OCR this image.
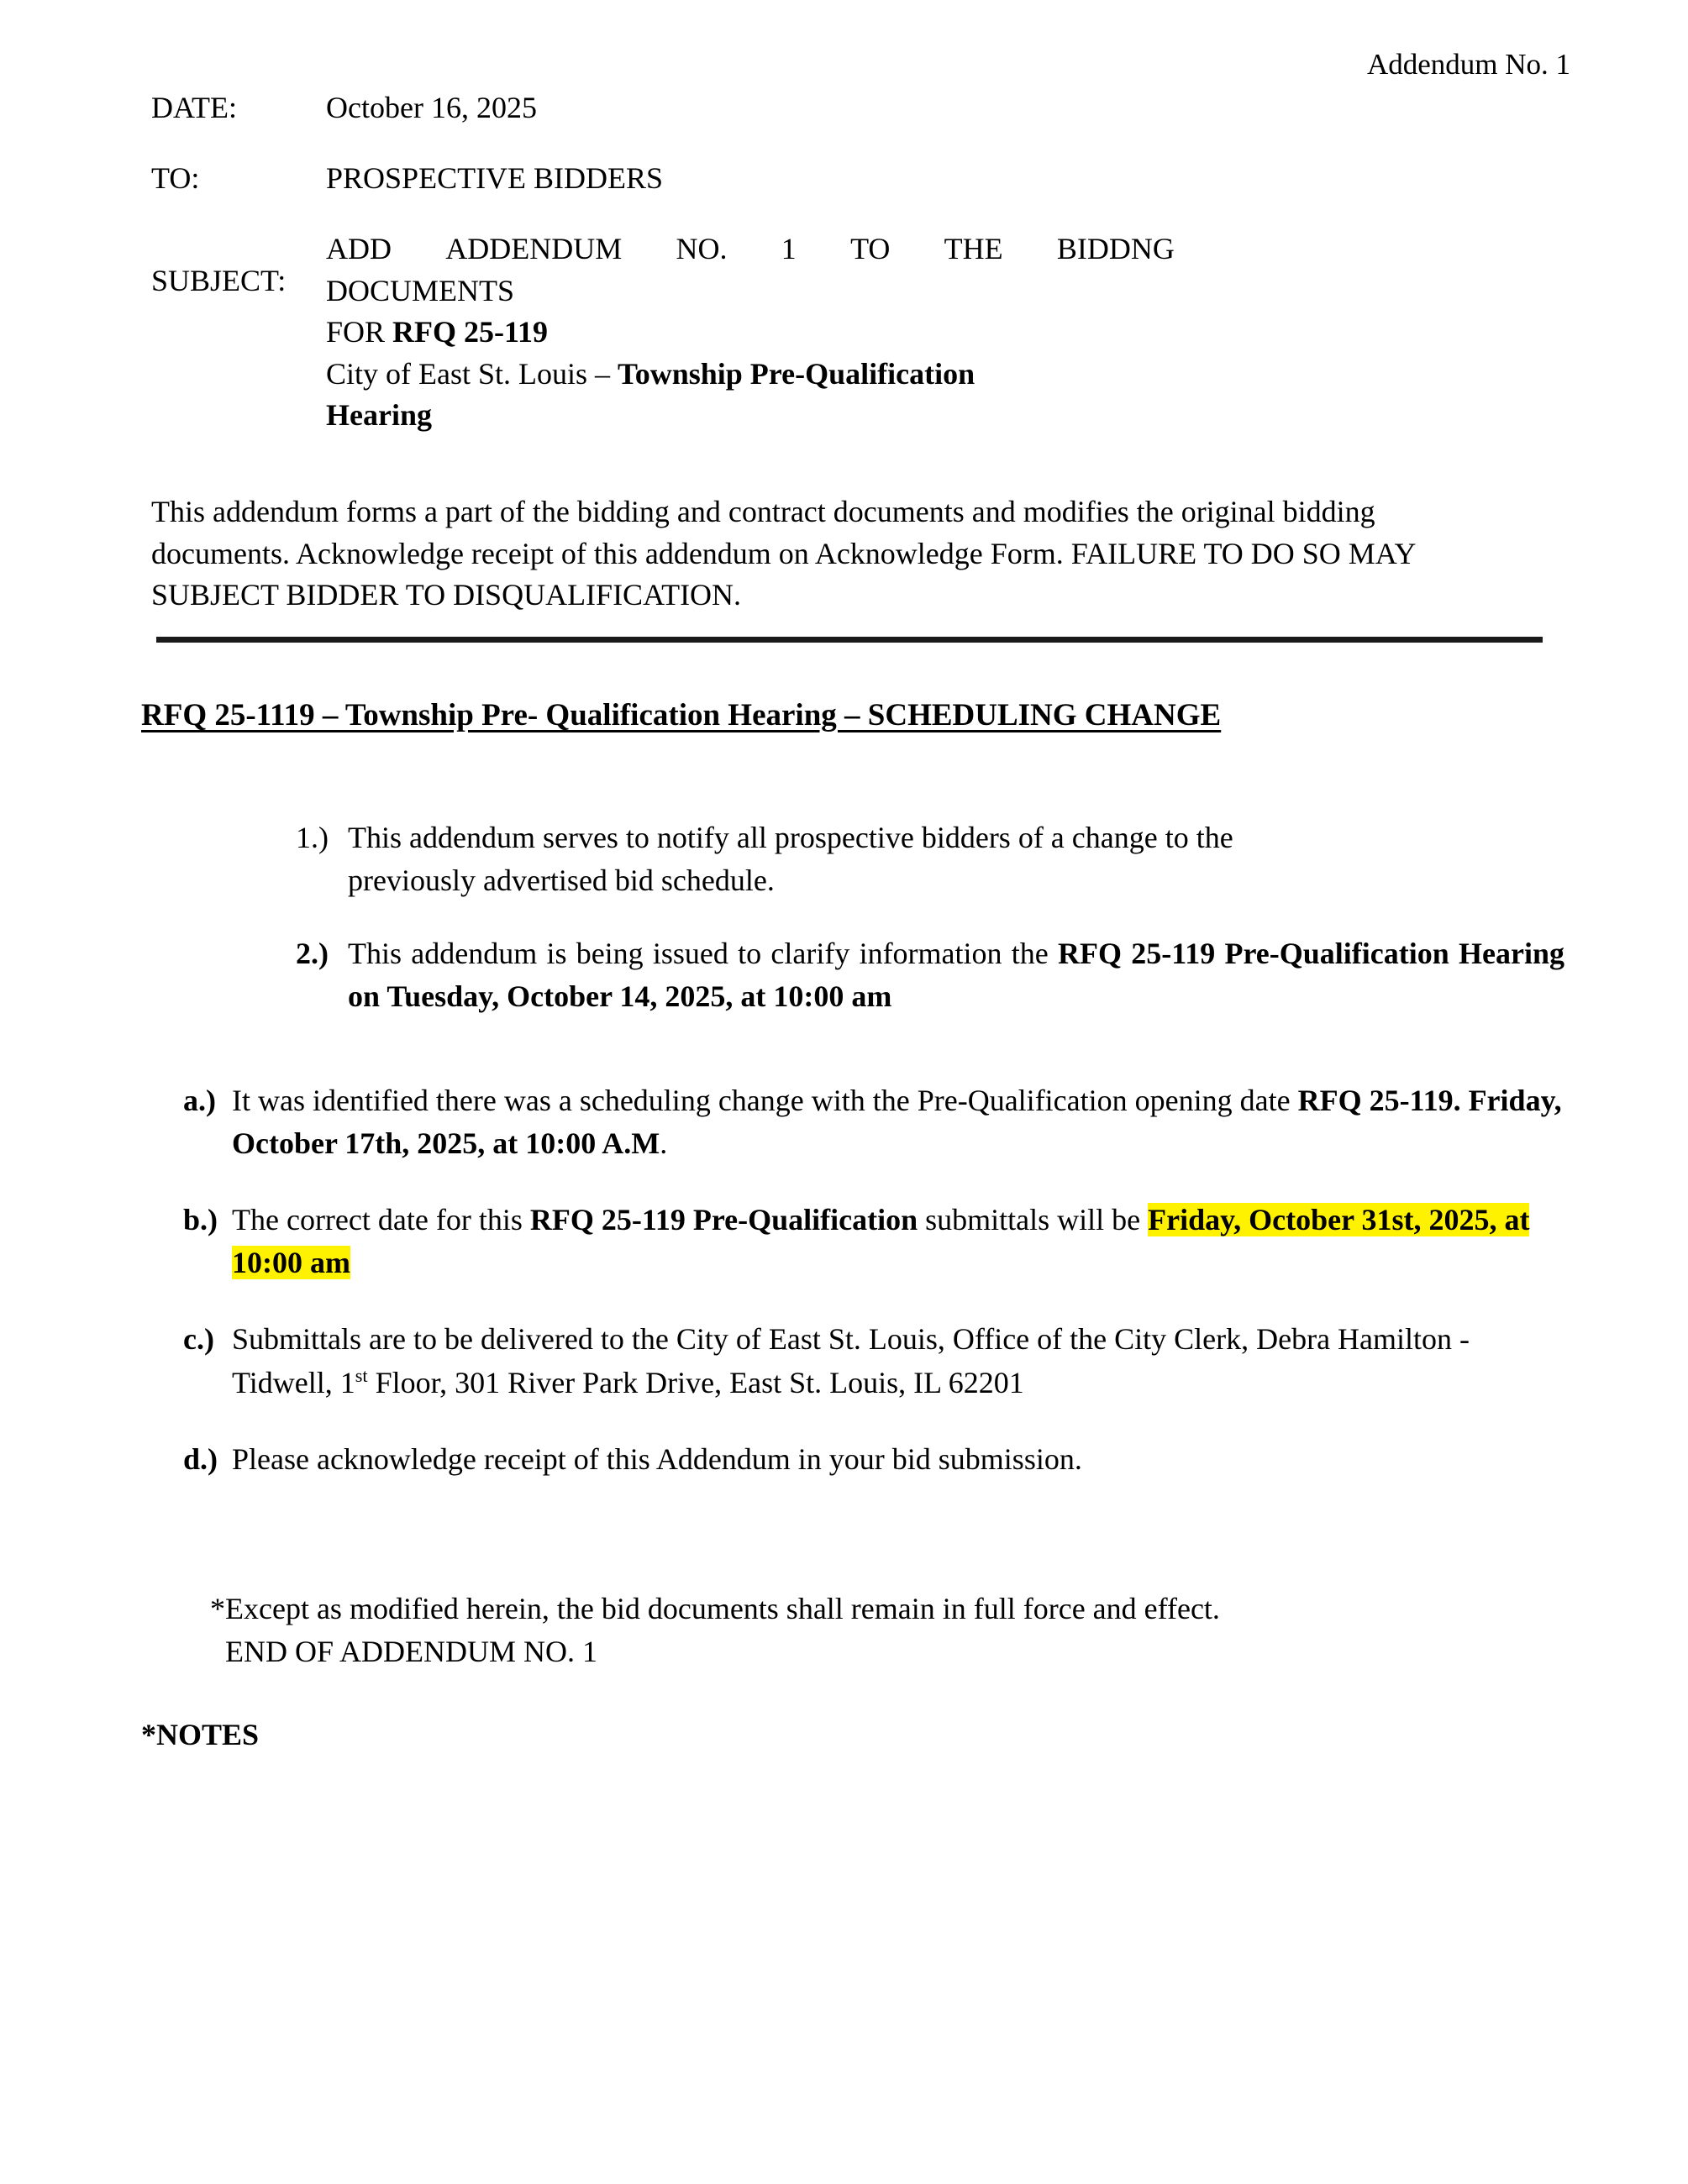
Addendum No. 1
DATE:	October 16, 2025
TO:	PROSPECTIVE BIDDERS
SUBJECT:
ADD ADDENDUM NO. 1 TO THE BIDDNG
DOCUMENTS
FOR RFQ 25-119
City of East St. Louis – Township Pre-Qualification
Hearing
This addendum forms a part of the bidding and contract documents and modifies the original bidding
documents. Acknowledge receipt of this addendum on Acknowledge Form. FAILURE TO DO SO MAY
SUBJECT BIDDER TO DISQUALIFICATION.
RFQ 25-1119 – Township Pre- Qualification Hearing – SCHEDULING CHANGE
1.) This addendum serves to notify all prospective bidders of a change to the
previously advertised bid schedule.
2.) This addendum is being issued to clarify information the RFQ 25-119 Pre-Qualification Hearing on Tuesday, October 14, 2025, at 10:00 am
a.) It was identified there was a scheduling change with the Pre-Qualification opening date RFQ 25-119. Friday, October 17th, 2025, at 10:00 A.M.
b.) The correct date for this RFQ 25-119 Pre-Qualification submittals will be Friday, October 31st, 2025, at 10:00 am
c.) Submittals are to be delivered to the City of East St. Louis, Office of the City Clerk, Debra Hamilton -Tidwell, 1st Floor, 301 River Park Drive, East St. Louis, IL 62201
d.) Please acknowledge receipt of this Addendum in your bid submission.
*Except as modified herein, the bid documents shall remain in full force and effect.
END OF ADDENDUM NO. 1
*NOTES
